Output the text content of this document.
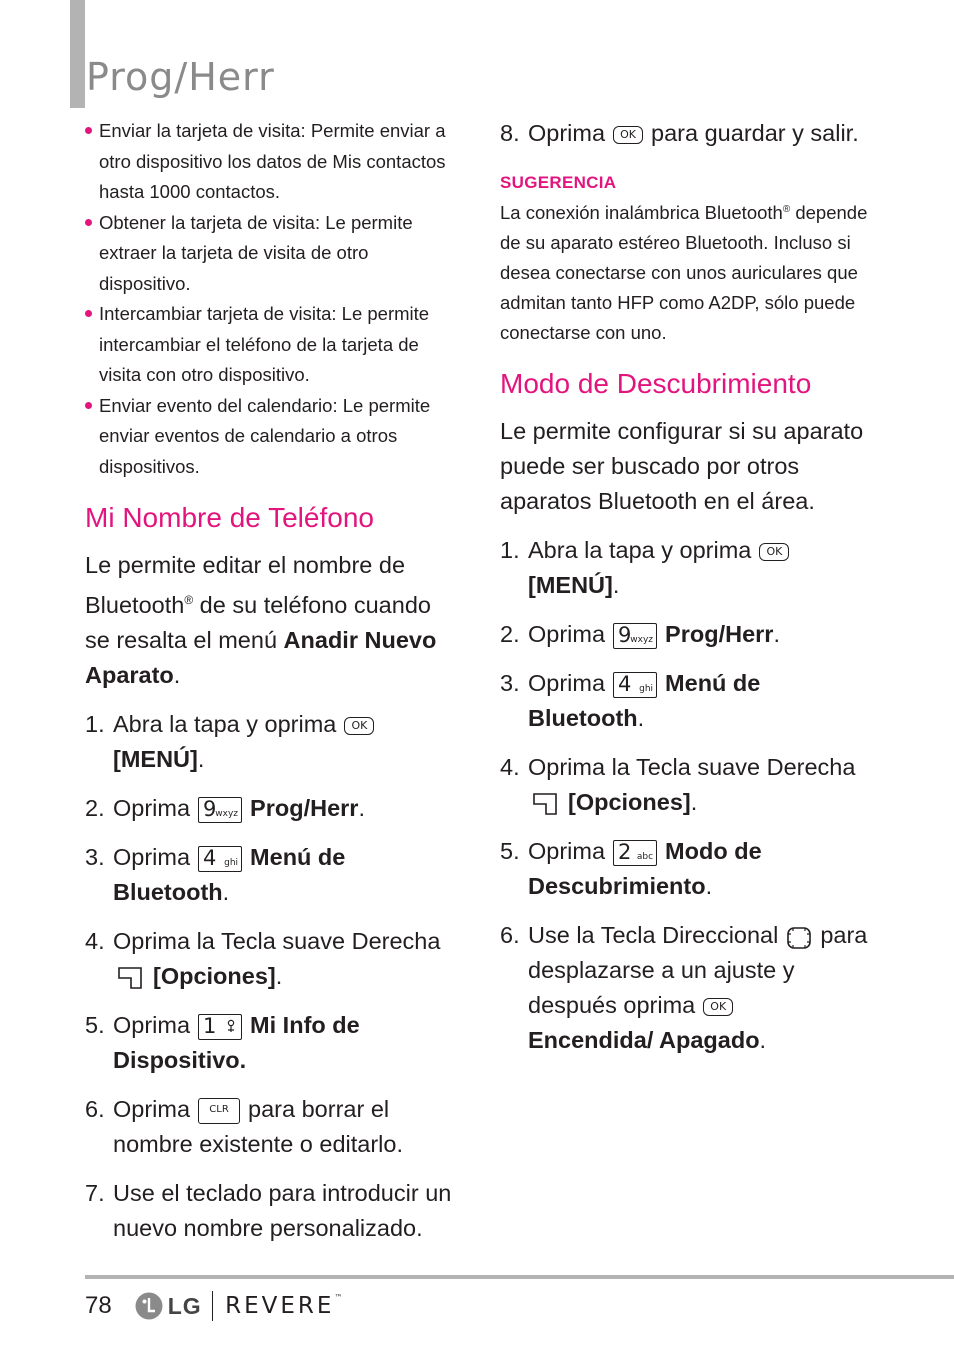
Prog/Herr
Enviar la tarjeta de visita: Permite enviar a otro dispositivo los datos de Mis contactos hasta 1000 contactos.
Obtener la tarjeta de visita: Le permite extraer la tarjeta de visita de otro dispositivo.
Intercambiar tarjeta de visita: Le permite intercambiar el teléfono de la tarjeta de visita con otro dispositivo.
Enviar evento del calendario: Le permite enviar eventos de calendario a otros dispositivos.
Mi Nombre de Teléfono

Le permite editar el nombre de Bluetooth® de su teléfono cuando se resalta el menú Anadir Nuevo Aparato.

1. Abra la tapa y oprima OK
[MENÚ].
2. Oprima 9
wxyz Prog/Herr.
3. Oprima 4 ghi Menú de Bluetooth.
4. Oprima la Tecla suave Derecha

[Opciones].
5. Oprima 1 Mi Info de Dispositivo.
6. Oprima CLR para borrar el nombre existente o editarlo.
7. Use el teclado para introducir un nuevo nombre personalizado.
8. Oprima OK para guardar y salir.

SUGERENCIA

La conexión inalámbrica Bluetooth® depende de su aparato estéreo Bluetooth. Incluso si desea conectarse con unos auriculares que admitan tanto HFP como A2DP, sólo puede conectarse con uno.

Modo de Descubrimiento

Le permite configurar si su aparato puede ser buscado por otros aparatos Bluetooth en el área.

1. Abra la tapa y oprima OK
[MENÚ].
2. Oprima 9
wxyz Prog/Herr.
3. Oprima 4 ghi Menú de Bluetooth.
4. Oprima la Tecla suave Derecha

[Opciones].
5. Oprima 2 abc Modo de Descubrimiento.
6. Use la Tecla Direccional para desplazarse a un ajuste y después oprima OK
Encendida/ Apagado.
78 LG REVERE™
